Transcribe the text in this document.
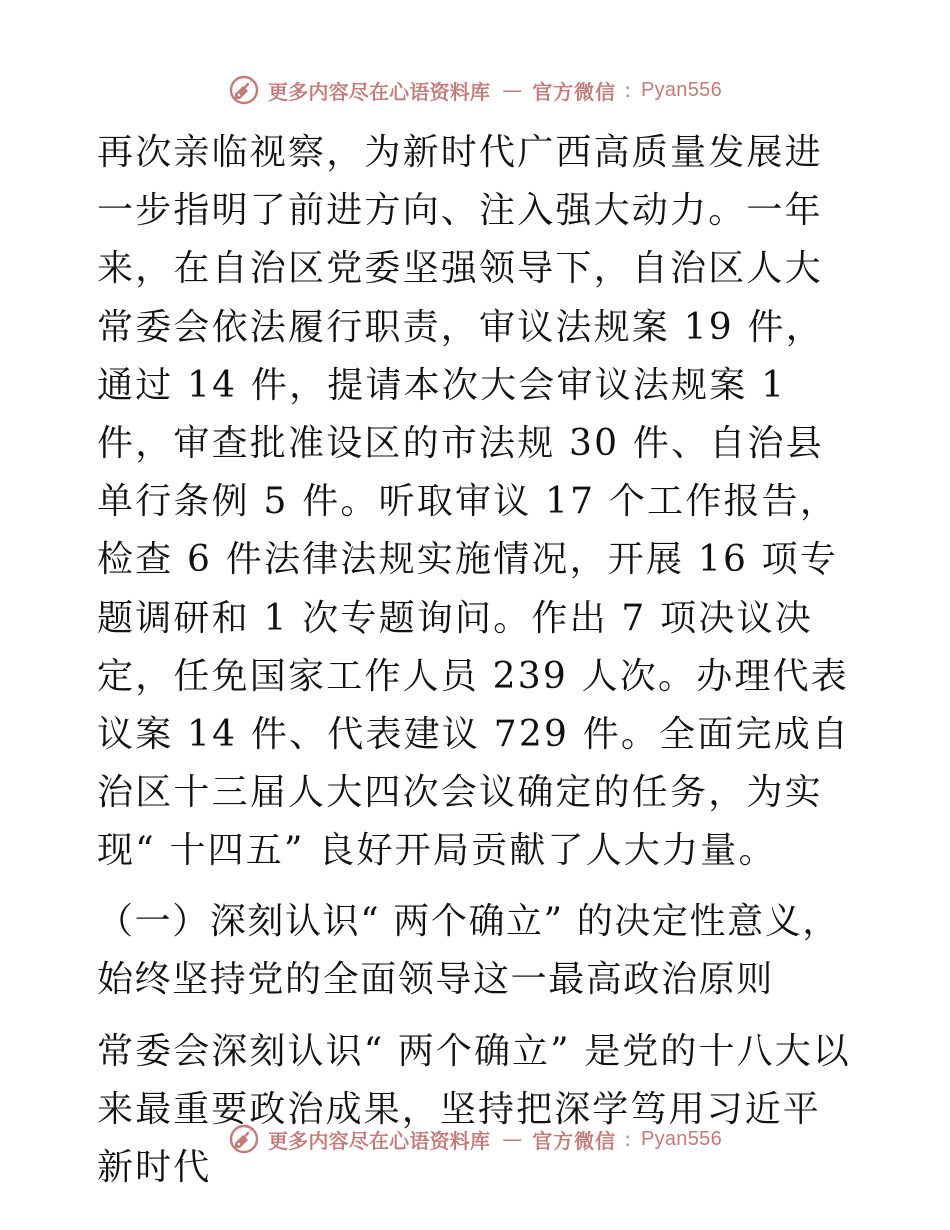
更多内容尽在心语资料库 — 官方微信 : Pyan556

再次亲临视察，为新时代广西高质量发展进一步指明了前进方向、注入强大动力。一年来，在自治区党委坚强领导下，自治区人大常委会依法履行职责，审议法规案 19 件，通过 14 件，提请本次大会审议法规案 1 件，审查批准设区的市法规 30 件、自治县单行条例 5 件。听取审议 17 个工作报告，检查 6 件法律法规实施情况，开展 16 项专题调研和 1 次专题询问。作出 7 项决议决定，任免国家工作人员 239 人次。办理代表议案 14 件、代表建议 729 件。全面完成自治区十三届人大四次会议确定的任务，为实现“ 十四五” 良好开局贡献了人大力量。

（一）深刻认识“ 两个确立” 的决定性意义，始终坚持党的全面领导这一最高政治原则

常委会深刻认识“ 两个确立” 是党的十八大以来最重要政治成果，坚持把深学笃用习近平新时代

更多内容尽在心语资料库 — 官方微信 : Pyan556
